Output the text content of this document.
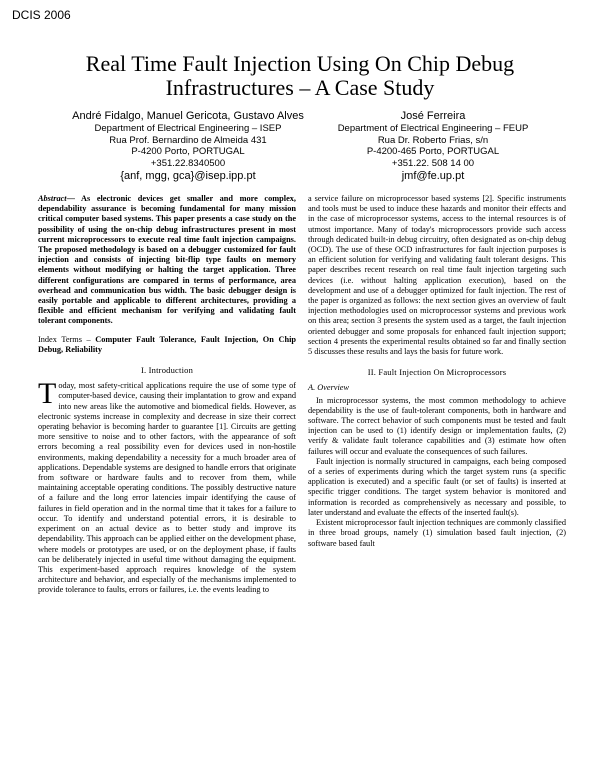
DCIS 2006
Real Time Fault Injection Using On Chip Debug Infrastructures – A Case Study
André Fidalgo, Manuel Gericota, Gustavo Alves
Department of Electrical Engineering – ISEP
Rua Prof. Bernardino de Almeida 431
P-4200 Porto, PORTUGAL
+351.22.8340500
{anf, mgg, gca}@isep.ipp.pt
José Ferreira
Department of Electrical Engineering – FEUP
Rua Dr. Roberto Frias, s/n
P-4200-465 Porto, PORTUGAL
+351.22. 508 14 00
jmf@fe.up.pt

Abstract— As electronic devices get smaller and more complex, dependability assurance is becoming fundamental for many mission critical computer based systems. This paper presents a case study on the possibility of using the on-chip debug infrastructures present in most current microprocessors to execute real time fault injection campaigns. The proposed methodology is based on a debugger customized for fault injection and consists of injecting bit-flip type faults on memory elements without modifying or halting the target application. Three different configurations are compared in terms of performance, area overhead and communication bus width. The basic debugger design is easily portable and applicable to different architectures, providing a flexible and efficient mechanism for verifying and validating fault tolerant components.

Index Terms – Computer Fault Tolerance, Fault Injection, On Chip Debug, Reliability

I. Introduction

Today, most safety-critical applications require the use of some type of computer-based device, causing their implantation to grow and expand into new areas like the automotive and biomedical fields. However, as electronic systems increase in complexity and decrease in size their correct operating behavior is becoming harder to guarantee [1]. Circuits are getting more sensitive to noise and to other factors, with the appearance of soft errors becoming a real possibility even for devices used in non-hostile environments, making dependability a necessity for a much broader area of applications. Dependable systems are designed to handle errors that originate from software or hardware faults and to recover from them, while maintaining acceptable operating conditions. The possibly destructive nature of a failure and the long error latencies impair identifying the cause of failures in field operation and in the normal time that it takes for a failure to occur. To identify and understand potential errors, it is desirable to experiment on an actual device as to better study and improve its dependability. This approach can be applied either on the development phase, where models or prototypes are used, or on the deployment phase, if faults can be deliberately injected in useful time without damaging the equipment. This experiment-based approach requires knowledge of the system architecture and behavior, and especially of the mechanisms implemented to provide tolerance to faults, errors or failures, i.e. the events leading to

a service failure on microprocessor based systems [2]. Specific instruments and tools must be used to induce these hazards and monitor their effects and in the case of microprocessor systems, access to the internal resources is of utmost importance. Many of today's microprocessors provide such access through dedicated built-in debug circuitry, often designated as on-chip debug (OCD). The use of these OCD infrastructures for fault injection purposes is an efficient solution for verifying and validating fault tolerant designs. This paper describes recent research on real time fault injection targeting such devices (i.e. without halting application execution), based on the development and use of a debugger optimized for fault injection. The rest of the paper is organized as follows: the next section gives an overview of fault injection methodologies used on microprocessor systems and previous work on this area; section 3 presents the system used as a target, the fault injection oriented debugger and some proposals for enhanced fault injection support; section 4 presents the experimental results obtained so far and finally section 5 discusses these results and lays the basis for future work.

II. Fault Injection On Microprocessors
A. Overview

In microprocessor systems, the most common methodology to achieve dependability is the use of fault-tolerant components, both in hardware and software. The correct behavior of such components must be tested and fault injection can be used to (1) identify design or implementation faults, (2) verify & validate fault tolerance capabilities and (3) estimate how often failures will occur and evaluate the consequences of such failures.

Fault injection is normally structured in campaigns, each being composed of a series of experiments during which the target system runs (a specific application is executed) and a specific fault (or set of faults) is inserted at specific trigger conditions. The target system behavior is monitored and information is recorded as comprehensively as necessary and possible, to later understand and evaluate the effects of the inserted fault(s).

Existent microprocessor fault injection techniques are commonly classified in three broad groups, namely (1) simulation based fault injection, (2) software based fault
